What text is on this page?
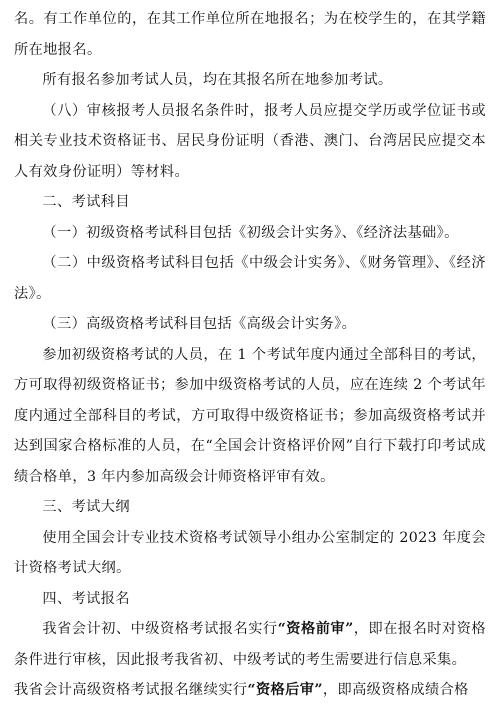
名。有工作单位的，在其工作单位所在地报名；为在校学生的，在其学籍所在地报名。

所有报名参加考试人员，均在其报名所在地参加考试。

（八）审核报考人员报名条件时，报考人员应提交学历或学位证书或相关专业技术资格证书、居民身份证明（香港、澳门、台湾居民应提交本人有效身份证明）等材料。

二、考试科目

（一）初级资格考试科目包括《初级会计实务》、《经济法基础》。

（二）中级资格考试科目包括《中级会计实务》、《财务管理》、《经济法》。

（三）高级资格考试科目包括《高级会计实务》。

参加初级资格考试的人员，在 1 个考试年度内通过全部科目的考试，方可取得初级资格证书；参加中级资格考试的人员，应在连续 2 个考试年度内通过全部科目的考试，方可取得中级资格证书；参加高级资格考试并达到国家合格标准的人员，在“全国会计资格评价网”自行下载打印考试成绩合格单，3 年内参加高级会计师资格评审有效。

三、考试大纲

使用全国会计专业技术资格考试领导小组办公室制定的 2023 年度会计资格考试大纲。

四、考试报名

我省会计初、中级资格考试报名实行“资格前审”，即在报名时对资格条件进行审核，因此报考我省初、中级考试的考生需要进行信息采集。

我省会计高级资格考试报名继续实行“资格后审”，即高级资格成绩合格
